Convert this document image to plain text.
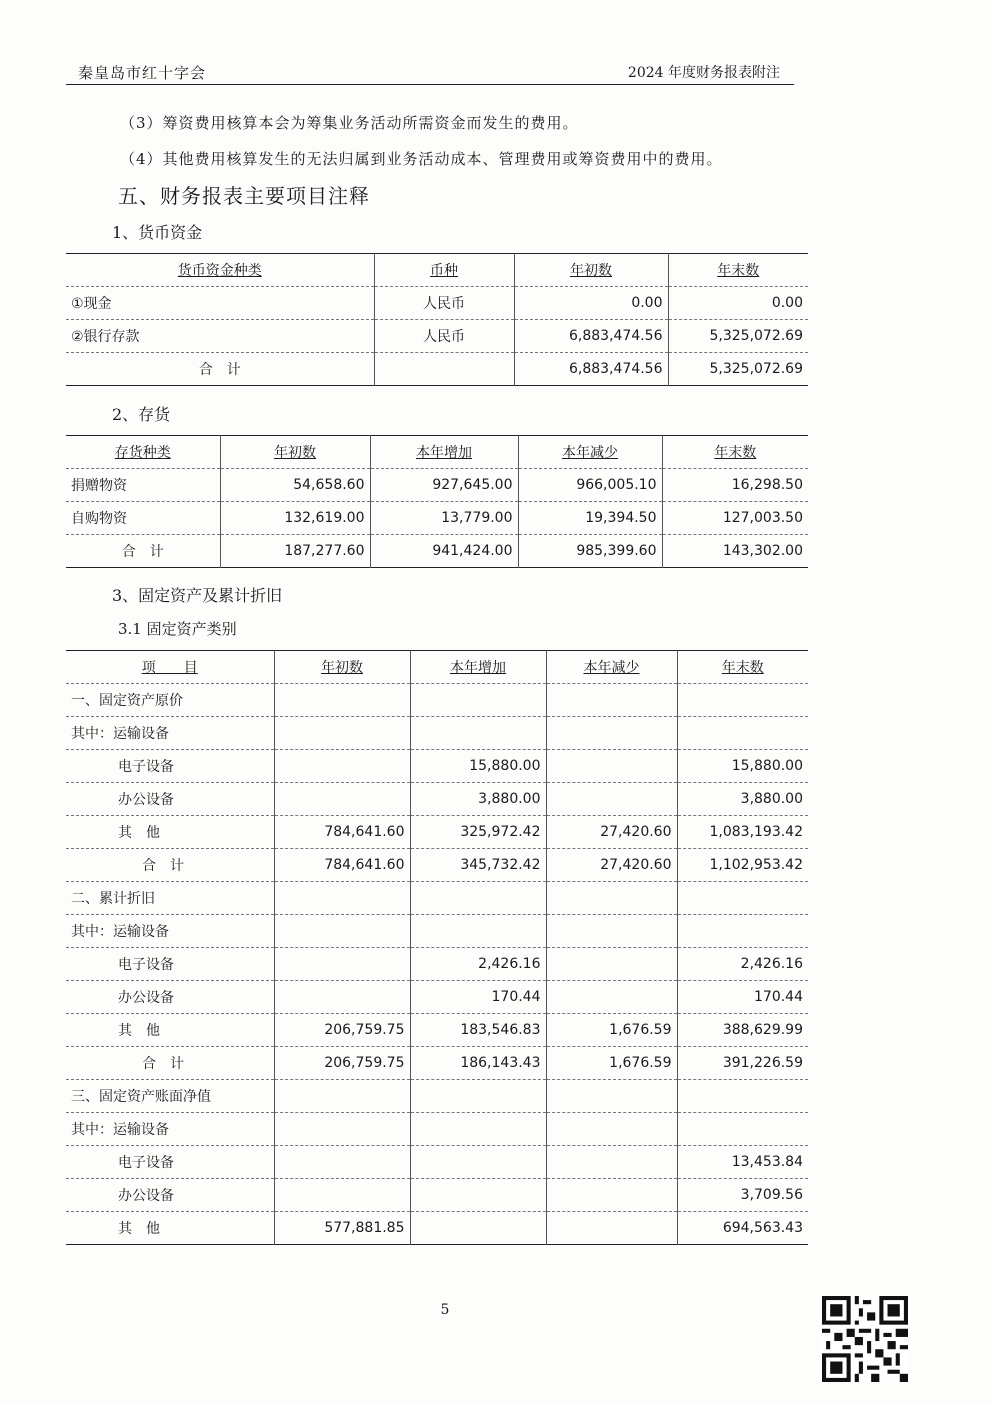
秦皇岛市红十字会	2024 年度财务报表附注
（3）筹资费用核算本会为筹集业务活动所需资金而发生的费用。
（4）其他费用核算发生的无法归属到业务活动成本、管理费用或筹资费用中的费用。
五、财务报表主要项目注释
1、货币资金
货币资金种类	币种	年初数	年末数
①现金	人民币	0.00	0.00
②银行存款	人民币	6,883,474.56	5,325,072.69
合　计		6,883,474.56	5,325,072.69
2、存货
存货种类	年初数	本年增加	本年减少	年末数
捐赠物资	54,658.60	927,645.00	966,005.10	16,298.50
自购物资	132,619.00	13,779.00	19,394.50	127,003.50
合　计	187,277.60	941,424.00	985,399.60	143,302.00
3、固定资产及累计折旧
3.1 固定资产类别
项　　目	年初数	本年增加	本年减少	年末数
一、固定资产原价				
其中：运输设备				
电子设备		15,880.00		15,880.00
办公设备		3,880.00		3,880.00
其　他	784,641.60	325,972.42	27,420.60	1,083,193.42
合　计	784,641.60	345,732.42	27,420.60	1,102,953.42
二、累计折旧				
其中：运输设备				
电子设备		2,426.16		2,426.16
办公设备		170.44		170.44
其　他	206,759.75	183,546.83	1,676.59	388,629.99
合　计	206,759.75	186,143.43	1,676.59	391,226.59
三、固定资产账面净值				
其中：运输设备				
电子设备				13,453.84
办公设备				3,709.56
其　他	577,881.85			694,563.43
5
